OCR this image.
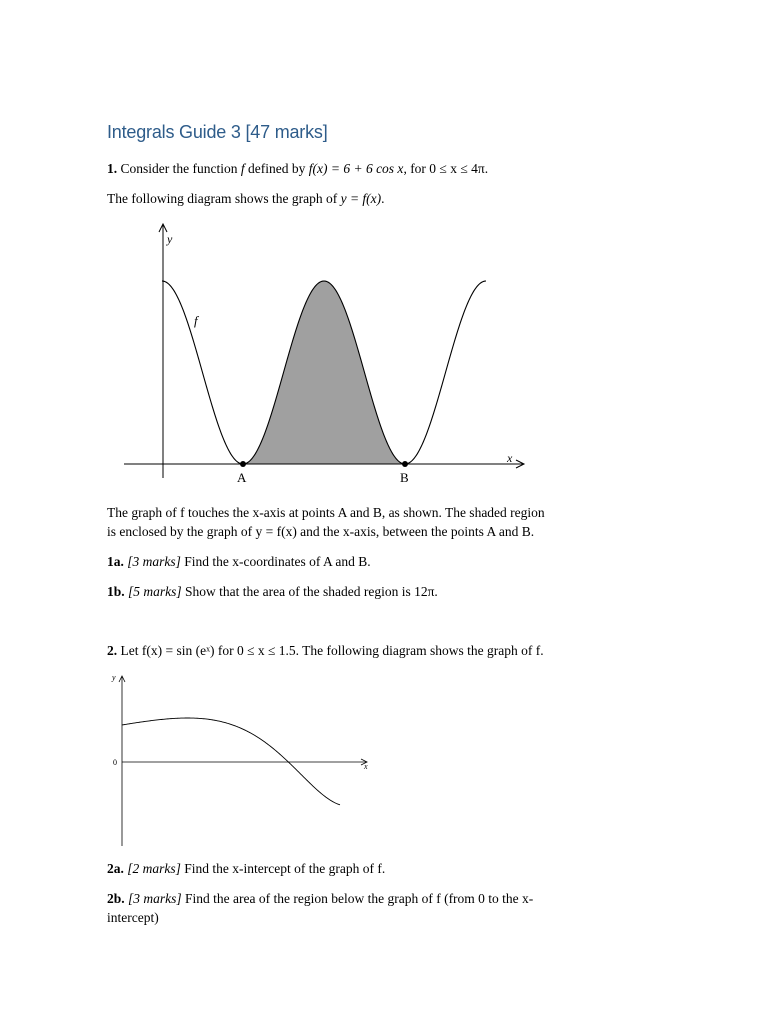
Integrals Guide 3 [47 marks]
1. Consider the function f defined by f(x) = 6 + 6 cos x, for 0 ≤ x ≤ 4π.
The following diagram shows the graph of y = f(x).
y
x
f
A	B
The graph of f touches the x-axis at points A and B, as shown. The shaded region
is enclosed by the graph of y = f(x) and the x-axis, between the points A and B.
1a. [3 marks] Find the x-coordinates of A and B.
1b. [5 marks] Show that the area of the shaded region is 12π.
2. Let f(x) = sin (eˣ) for 0 ≤ x ≤ 1.5. The following diagram shows the graph of f.
y
x
0
2a. [2 marks] Find the x-intercept of the graph of f.
2b. [3 marks] Find the area of the region below the graph of f (from 0 to the x-
intercept)
